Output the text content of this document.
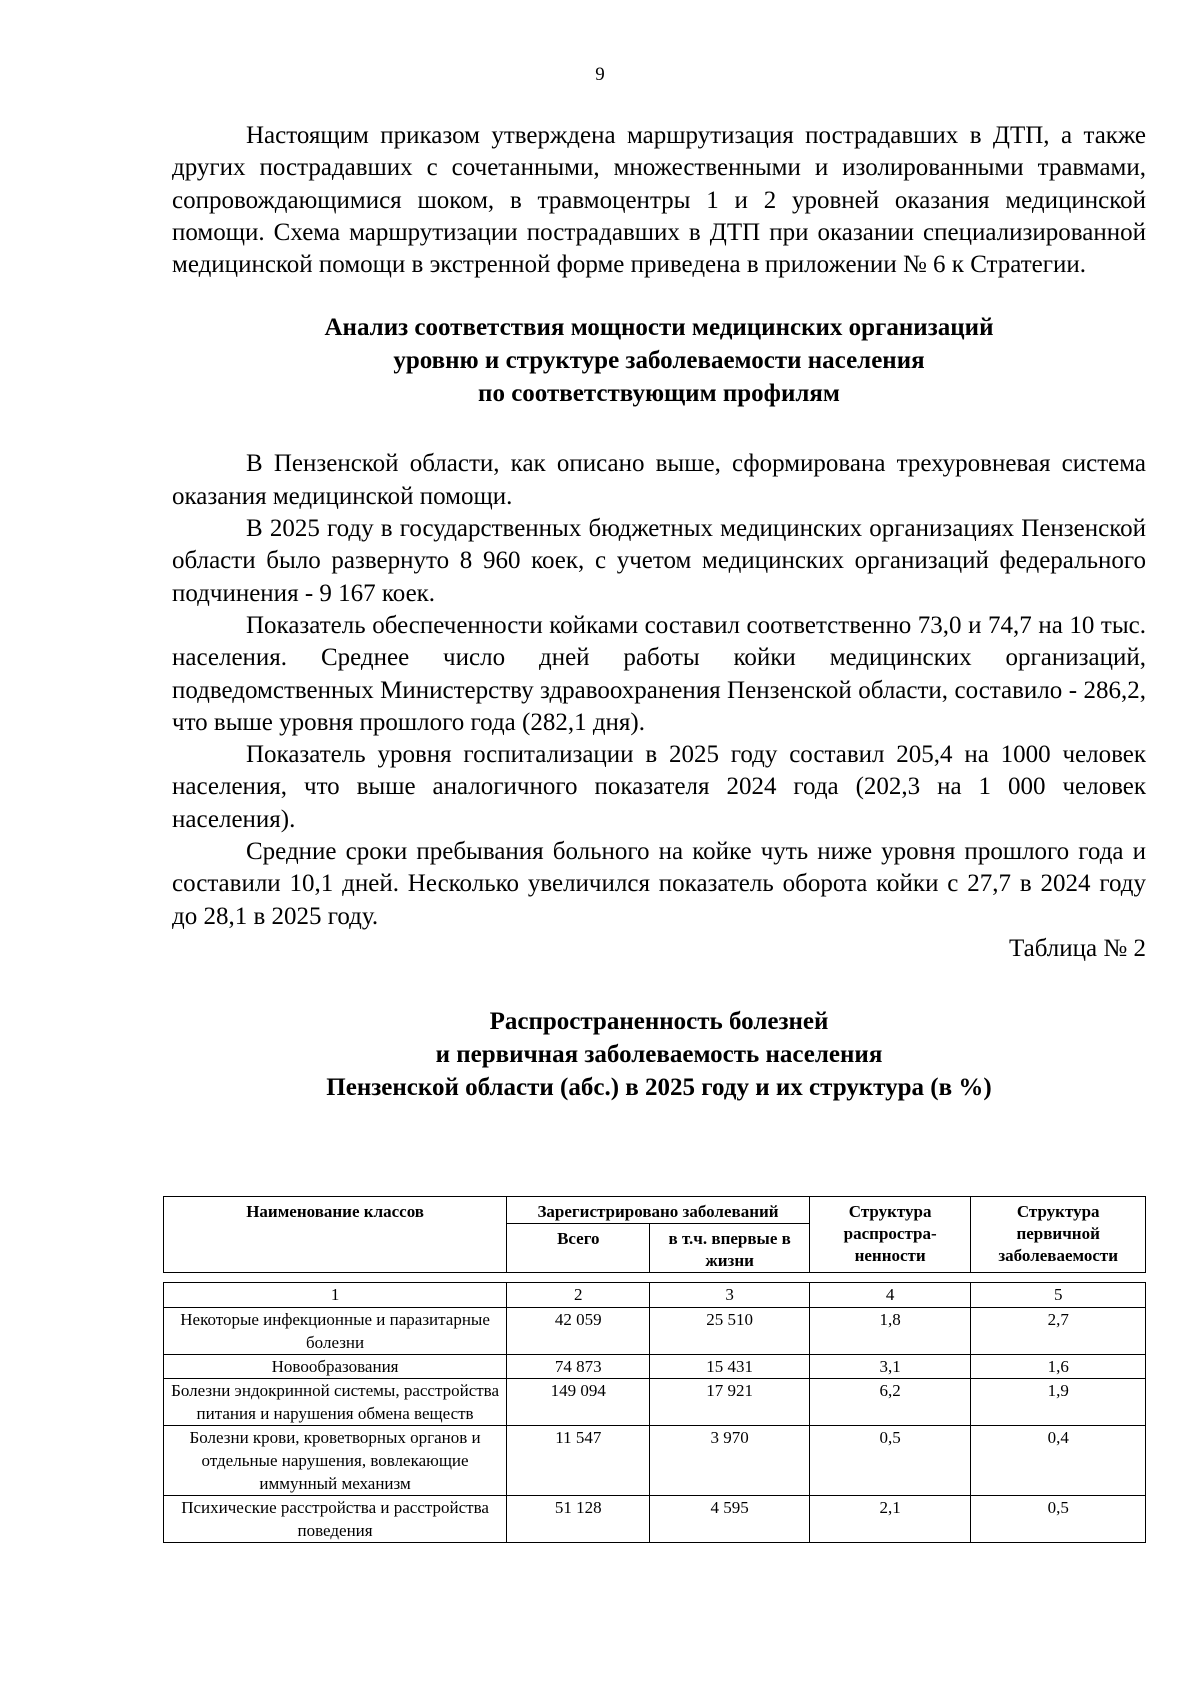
9

Настоящим приказом утверждена маршрутизация пострадавших в ДТП, а также других пострадавших с сочетанными, множественными и изолированными травмами, сопровождающимися шоком, в травмоцентры 1 и 2 уровней оказания медицинской помощи. Схема маршрутизации пострадавших в ДТП при оказании специализированной медицинской помощи в экстренной форме приведена в приложении № 6 к Стратегии.

Анализ соответствия мощности медицинских организаций

уровню и структуре заболеваемости населения

по соответствующим профилям

В Пензенской области, как описано выше, сформирована трехуровневая система оказания медицинской помощи.

В 2025 году в государственных бюджетных медицинских организациях Пензенской области было развернуто 8 960 коек, с учетом медицинских организаций федерального подчинения - 9 167 коек.

Показатель обеспеченности койками составил соответственно 73,0 и 74,7 на 10 тыс. населения. Среднее число дней работы койки медицинских организаций, подведомственных Министерству здравоохранения Пензенской области, составило - 286,2, что выше уровня прошлого года (282,1 дня).

Показатель уровня госпитализации в 2025 году составил 205,4 на 1000 человек населения, что выше аналогичного показателя 2024 года (202,3 на 1 000 человек населения).

Средние сроки пребывания больного на койке чуть ниже уровня прошлого года и составили 10,1 дней. Несколько увеличился показатель оборота койки с 27,7 в 2024 году до 28,1 в 2025 году.

Таблица № 2

Распространенность болезней

и первичная заболеваемость населения

Пензенской области (абс.) в 2025 году и их структура (в %)

Наименование классов	Зарегистрировано заболеваний		Структура распростра-ненности	Структура первичной заболеваемости
	Всего	в т.ч. впервые в жизни		

1	2	3	4	5
Некоторые инфекционные и паразитарные болезни	42 059	25 510	1,8	2,7
Новообразования	74 873	15 431	3,1	1,6
Болезни эндокринной системы, расстройства питания и нарушения обмена веществ	149 094	17 921	6,2	1,9
Болезни крови, кроветворных органов и отдельные нарушения, вовлекающие иммунный механизм	11 547	3 970	0,5	0,4
Психические расстройства и расстройства поведения	51 128	4 595	2,1	0,5
